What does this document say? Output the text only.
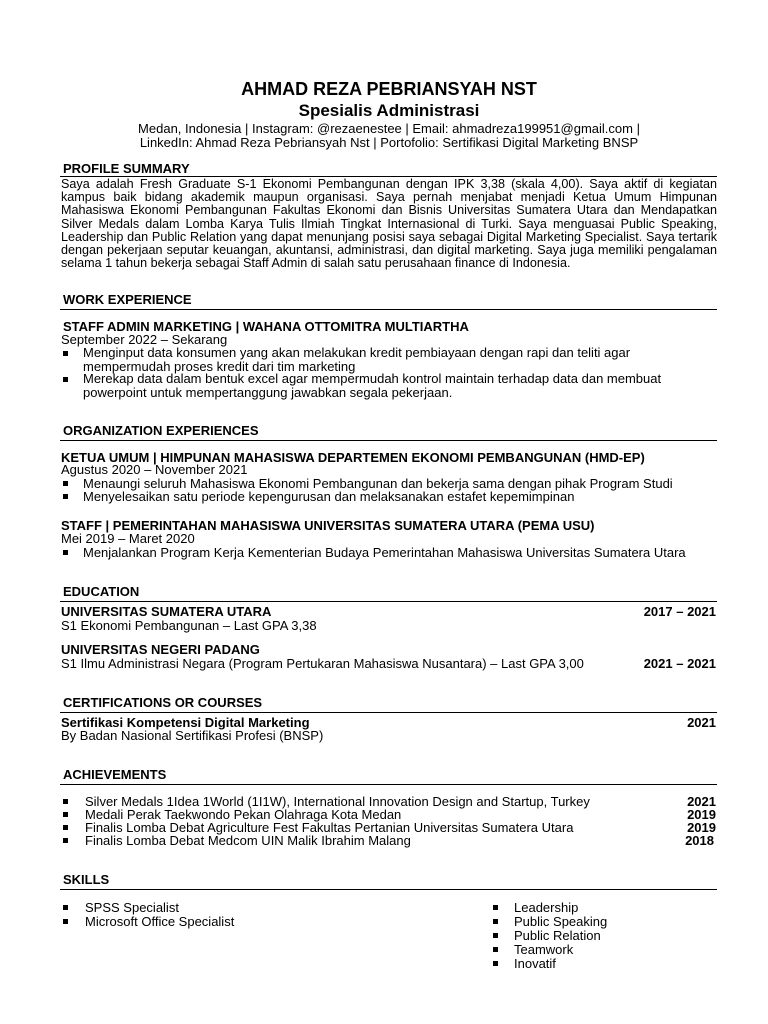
AHMAD REZA PEBRIANSYAH NST
Spesialis Administrasi
Medan, Indonesia | Instagram: @rezaenestee | Email: ahmadreza199951@gmail.com |
LinkedIn: Ahmad Reza Pebriansyah Nst | Portofolio: Sertifikasi Digital Marketing BNSP
PROFILE SUMMARY

Saya adalah Fresh Graduate S-1 Ekonomi Pembangunan dengan IPK 3,38 (skala 4,00). Saya aktif di kegiatan kampus baik bidang akademik maupun organisasi. Saya pernah menjabat menjadi Ketua Umum Himpunan Mahasiswa Ekonomi Pembangunan Fakultas Ekonomi dan Bisnis Universitas Sumatera Utara dan Mendapatkan Silver Medals dalam Lomba Karya Tulis Ilmiah Tingkat Internasional di Turki. Saya menguasai Public Speaking, Leadership dan Public Relation yang dapat menunjang posisi saya sebagai Digital Marketing Specialist. Saya tertarik dengan pekerjaan seputar keuangan, akuntansi, administrasi, dan digital marketing. Saya juga memiliki pengalaman selama 1 tahun bekerja sebagai Staff Admin di salah satu perusahaan finance di Indonesia.

WORK EXPERIENCE
STAFF ADMIN MARKETING | WAHANA OTTOMITRA MULTIARTHA
September 2022 – Sekarang
Menginput data konsumen yang akan melakukan kredit pembiayaan dengan rapi dan teliti agar mempermudah proses kredit dari tim marketing
Merekap data dalam bentuk excel agar mempermudah kontrol maintain terhadap data dan membuat powerpoint untuk mempertanggung jawabkan segala pekerjaan.
ORGANIZATION EXPERIENCES
KETUA UMUM | HIMPUNAN MAHASISWA DEPARTEMEN EKONOMI PEMBANGUNAN (HMD-EP)
Agustus 2020 – November 2021
Menaungi seluruh Mahasiswa Ekonomi Pembangunan dan bekerja sama dengan pihak Program Studi
Menyelesaikan satu periode kepengurusan dan melaksanakan estafet kepemimpinan
STAFF | PEMERINTAHAN MAHASISWA UNIVERSITAS SUMATERA UTARA (PEMA USU)
Mei 2019 – Maret 2020
Menjalankan Program Kerja Kementerian Budaya Pemerintahan Mahasiswa Universitas Sumatera Utara
EDUCATION
UNIVERSITAS SUMATERA UTARA	2017 – 2021
S1 Ekonomi Pembangunan – Last GPA 3,38
UNIVERSITAS NEGERI PADANG
S1 Ilmu Administrasi Negara (Program Pertukaran Mahasiswa Nusantara) – Last GPA 3,00	2021 – 2021
CERTIFICATIONS OR COURSES
Sertifikasi Kompetensi Digital Marketing	2021
By Badan Nasional Sertifikasi Profesi (BNSP)
ACHIEVEMENTS
Silver Medals 1Idea 1World (1I1W), International Innovation Design and Startup, Turkey	2021
Medali Perak Taekwondo Pekan Olahraga Kota Medan	2019
Finalis Lomba Debat Agriculture Fest Fakultas Pertanian Universitas Sumatera Utara	2019
Finalis Lomba Debat Medcom UIN Malik Ibrahim Malang	2018
SKILLS
SPSS Specialist
Microsoft Office Specialist
Leadership
Public Speaking
Public Relation
Teamwork
Inovatif
